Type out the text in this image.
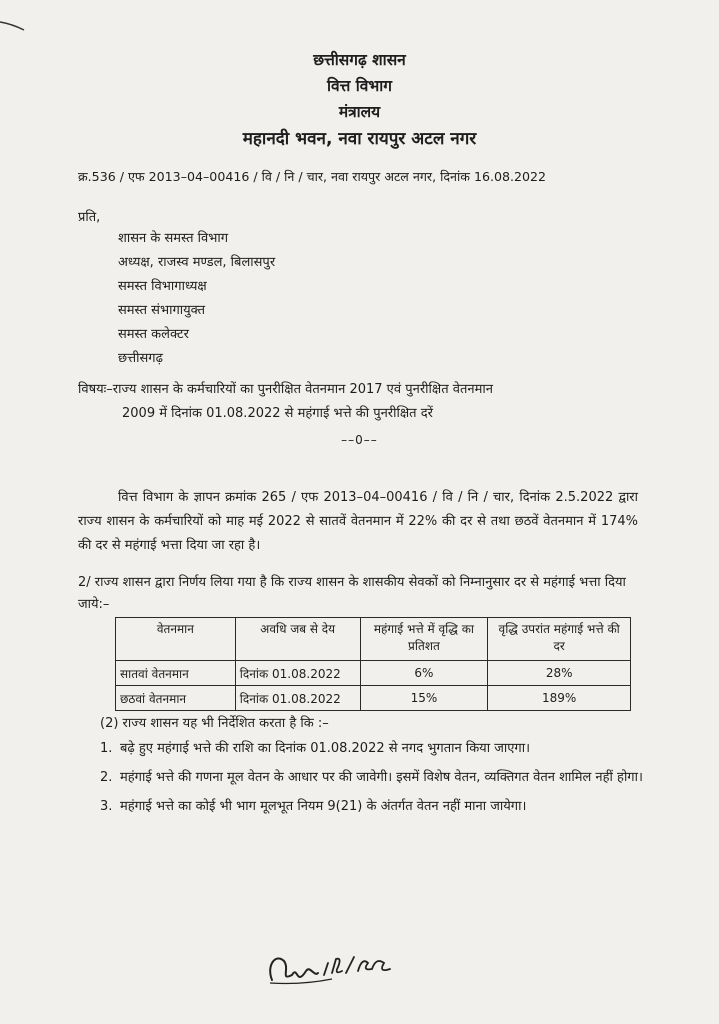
छत्तीसगढ़ शासन
वित्त विभाग
मंत्रालय
महानदी भवन, नवा रायपुर अटल नगर
क्र.536 / एफ 2013–04–00416 / वि / नि / चार, नवा रायपुर अटल नगर, दिनांक 16.08.2022
प्रति,
शासन के समस्त विभाग
अध्यक्ष, राजस्व मण्डल, बिलासपुर
समस्त विभागाध्यक्ष
समस्त संभागायुक्त
समस्त कलेक्टर
छत्तीसगढ़
विषयः–राज्य शासन के कर्मचारियों का पुनरीक्षित वेतनमान 2017 एवं पुनरीक्षित वेतनमान
2009 में दिनांक 01.08.2022 से महंगाई भत्ते की पुनरीक्षित दरें
––0––
वित्त विभाग के ज्ञापन क्रमांक 265 / एफ 2013–04–00416 / वि / नि / चार, दिनांक 2.5.2022 द्वारा राज्य शासन के कर्मचारियों को माह मई 2022 से सातवें वेतनमान में 22% की दर से तथा छठवें वेतनमान में 174% की दर से महंगाई भत्ता दिया जा रहा है।
2/ राज्य शासन द्वारा निर्णय लिया गया है कि राज्य शासन के शासकीय सेवकों को निम्नानुसार दर से महंगाई भत्ता दिया जाये:–
वेतनमान	अवधि जब से देय	महंगाई भत्ते में वृद्धि का प्रतिशत	वृद्धि उपरांत महंगाई भत्ते की दर
सातवां वेतनमान	दिनांक 01.08.2022	6%	28%
छठवां वेतनमान	दिनांक 01.08.2022	15%	189%
(2) राज्य शासन यह भी निर्देशित करता है कि :–
1. बढ़े हुए महंगाई भत्ते की राशि का दिनांक 01.08.2022 से नगद भुगतान किया जाएगा।
2. महंगाई भत्ते की गणना मूल वेतन के आधार पर की जावेगी। इसमें विशेष वेतन, व्यक्तिगत वेतन शामिल नहीं होगा।
3. महंगाई भत्ते का कोई भी भाग मूलभूत नियम 9(21) के अंतर्गत वेतन नहीं माना जायेगा।
